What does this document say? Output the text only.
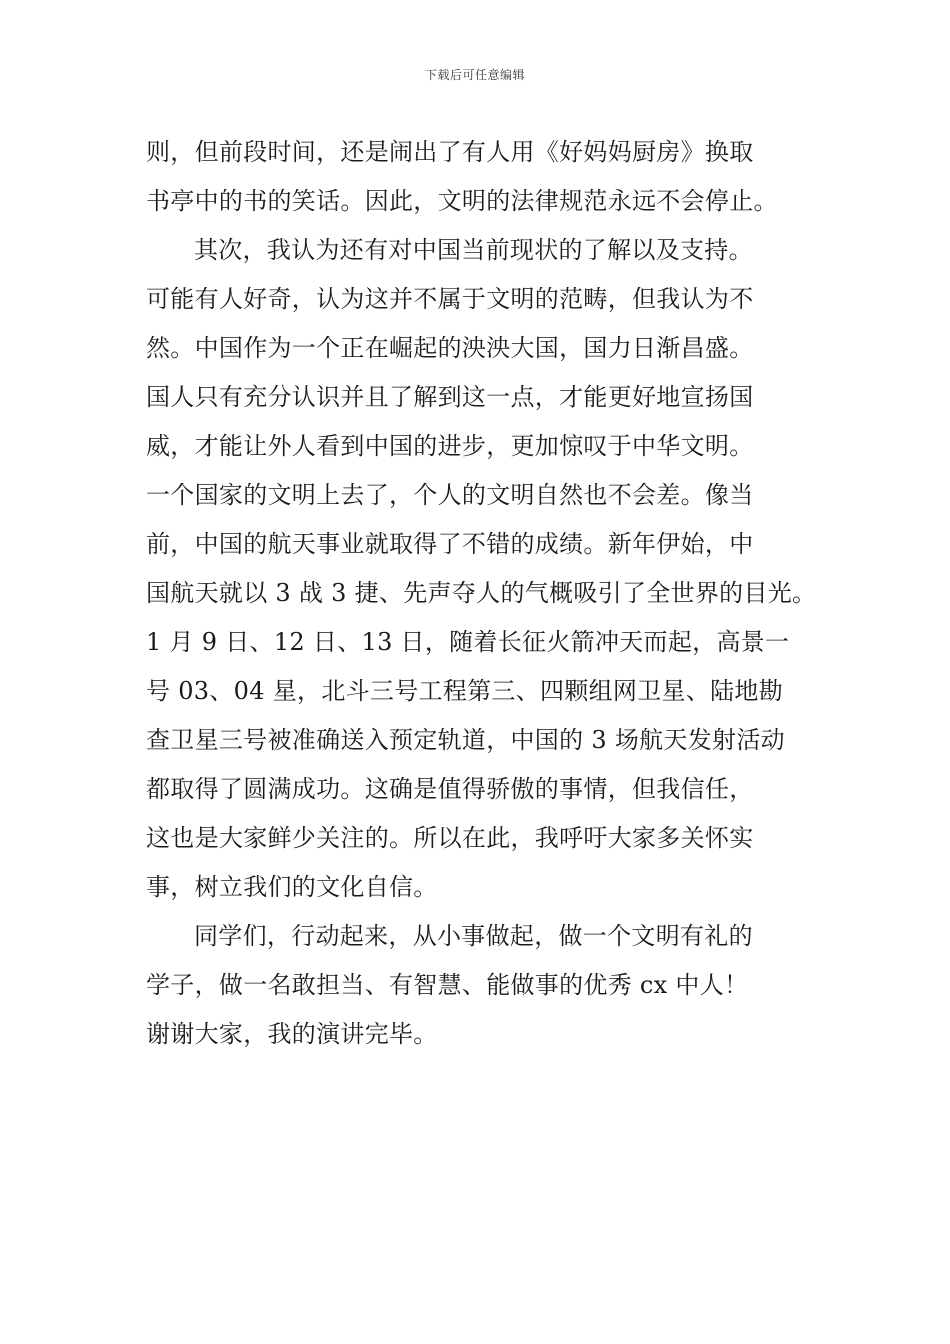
下载后可任意编辑
则，但前段时间，还是闹出了有人用《好妈妈厨房》换取
书亭中的书的笑话。因此，文明的法律规范永远不会停止。
其次，我认为还有对中国当前现状的了解以及支持。
可能有人好奇，认为这并不属于文明的范畴，但我认为不
然。中国作为一个正在崛起的泱泱大国，国力日渐昌盛。
国人只有充分认识并且了解到这一点，才能更好地宣扬国
威，才能让外人看到中国的进步，更加惊叹于中华文明。
一个国家的文明上去了，个人的文明自然也不会差。像当
前，中国的航天事业就取得了不错的成绩。新年伊始，中
国航天就以 3 战 3 捷、先声夺人的气概吸引了全世界的目光。
1 月 9 日、12 日、13 日，随着长征火箭冲天而起，高景一
号 03、04 星，北斗三号工程第三、四颗组网卫星、陆地勘
查卫星三号被准确送入预定轨道，中国的 3 场航天发射活动
都取得了圆满成功。这确是值得骄傲的事情，但我信任，
这也是大家鲜少关注的。所以在此，我呼吁大家多关怀实
事，树立我们的文化自信。
同学们，行动起来，从小事做起，做一个文明有礼的
学子，做一名敢担当、有智慧、能做事的优秀 cx 中人！
谢谢大家，我的演讲完毕。
